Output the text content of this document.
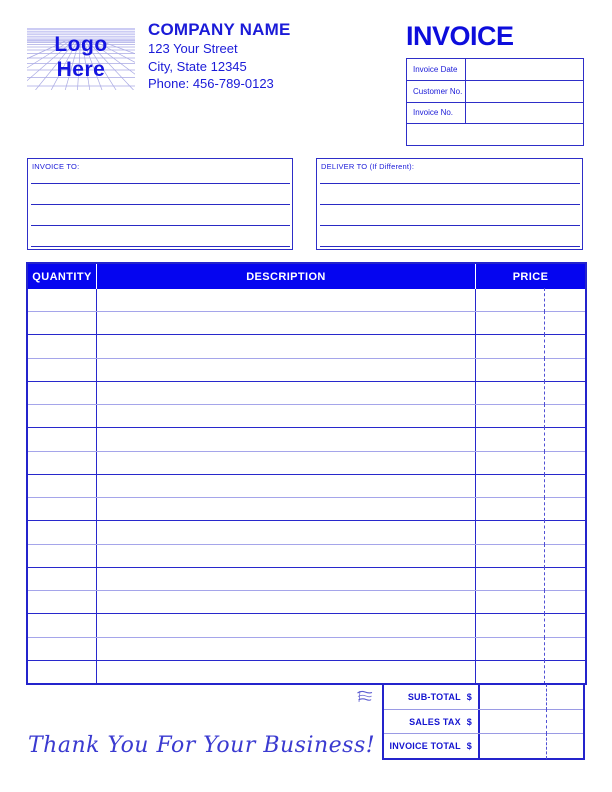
Logo
Here
COMPANY NAME
123 Your Street
City, State 12345
Phone: 456-789-0123
INVOICE
Invoice Date
Customer No.
Invoice No.
INVOICE TO:	DELIVER TO (If Different):
QUANTITY	DESCRIPTION	PRICE
SUB-TOTAL $
SALES TAX $
INVOICE TOTAL $
Thank You For Your Business!
